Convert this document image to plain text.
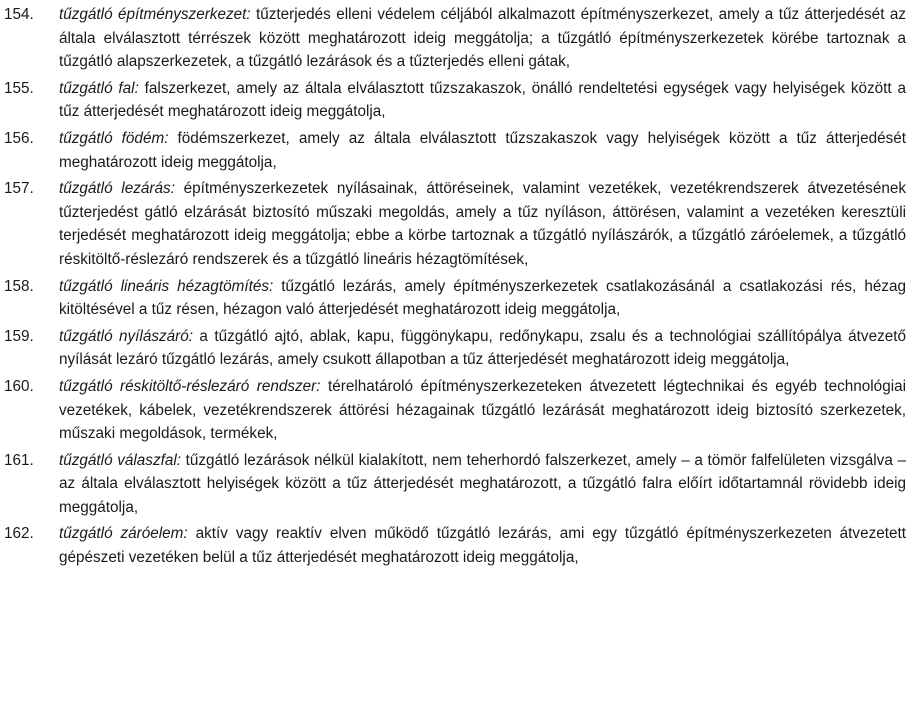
154.	tűzgátló építményszerkezet: tűzterjedés elleni védelem céljából alkalmazott építményszerkezet, amely a tűz átterjedését az általa elválasztott térrészek között meghatározott ideig meggátolja; a tűzgátló építményszerkezetek körébe tartoznak a tűzgátló alapszerkezetek, a tűzgátló lezárások és a tűzterjedés elleni gátak,
155.	tűzgátló fal: falszerkezet, amely az általa elválasztott tűzszakaszok, önálló rendeltetési egységek vagy helyiségek között a tűz átterjedését meghatározott ideig meggátolja,
156.	tűzgátló födém: födémszerkezet, amely az általa elválasztott tűzszakaszok vagy helyiségek között a tűz átterjedését meghatározott ideig meggátolja,
157.	tűzgátló lezárás: építményszerkezetek nyílásainak, áttöréseinek, valamint vezetékek, vezetékrendszerek átvezetésének tűzterjedést gátló elzárását biztosító műszaki megoldás, amely a tűz nyíláson, áttörésen, valamint a vezetéken keresztüli terjedését meghatározott ideig meggátolja; ebbe a körbe tartoznak a tűzgátló nyílászárók, a tűzgátló záróelemek, a tűzgátló réskitöltő-réslezáró rendszerek és a tűzgátló lineáris hézagtömítések,
158.	tűzgátló lineáris hézagtömítés: tűzgátló lezárás, amely építményszerkezetek csatlakozásánál a csatlakozási rés, hézag kitöltésével a tűz résen, hézagon való átterjedését meghatározott ideig meggátolja,
159.	tűzgátló nyílászáró: a tűzgátló ajtó, ablak, kapu, függönykapu, redőnykapu, zsalu és a technológiai szállítópálya átvezető nyílását lezáró tűzgátló lezárás, amely csukott állapotban a tűz átterjedését meghatározott ideig meggátolja,
160.	tűzgátló réskitöltő-réslezáró rendszer: térelhatároló építményszerkezeteken átvezetett légtechnikai és egyéb technológiai vezetékek, kábelek, vezetékrendszerek áttörési hézagainak tűzgátló lezárását meghatározott ideig biztosító szerkezetek, műszaki megoldások, termékek,
161.	tűzgátló válaszfal: tűzgátló lezárások nélkül kialakított, nem teherhordó falszerkezet, amely – a tömör falfelületen vizsgálva – az általa elválasztott helyiségek között a tűz átterjedését meghatározott, a tűzgátló falra előírt időtartamnál rövidebb ideig meggátolja,
162.	tűzgátló záróelem: aktív vagy reaktív elven működő tűzgátló lezárás, ami egy tűzgátló építményszerkezeten átvezetett gépészeti vezetéken belül a tűz átterjedését meghatározott ideig meggátolja,
